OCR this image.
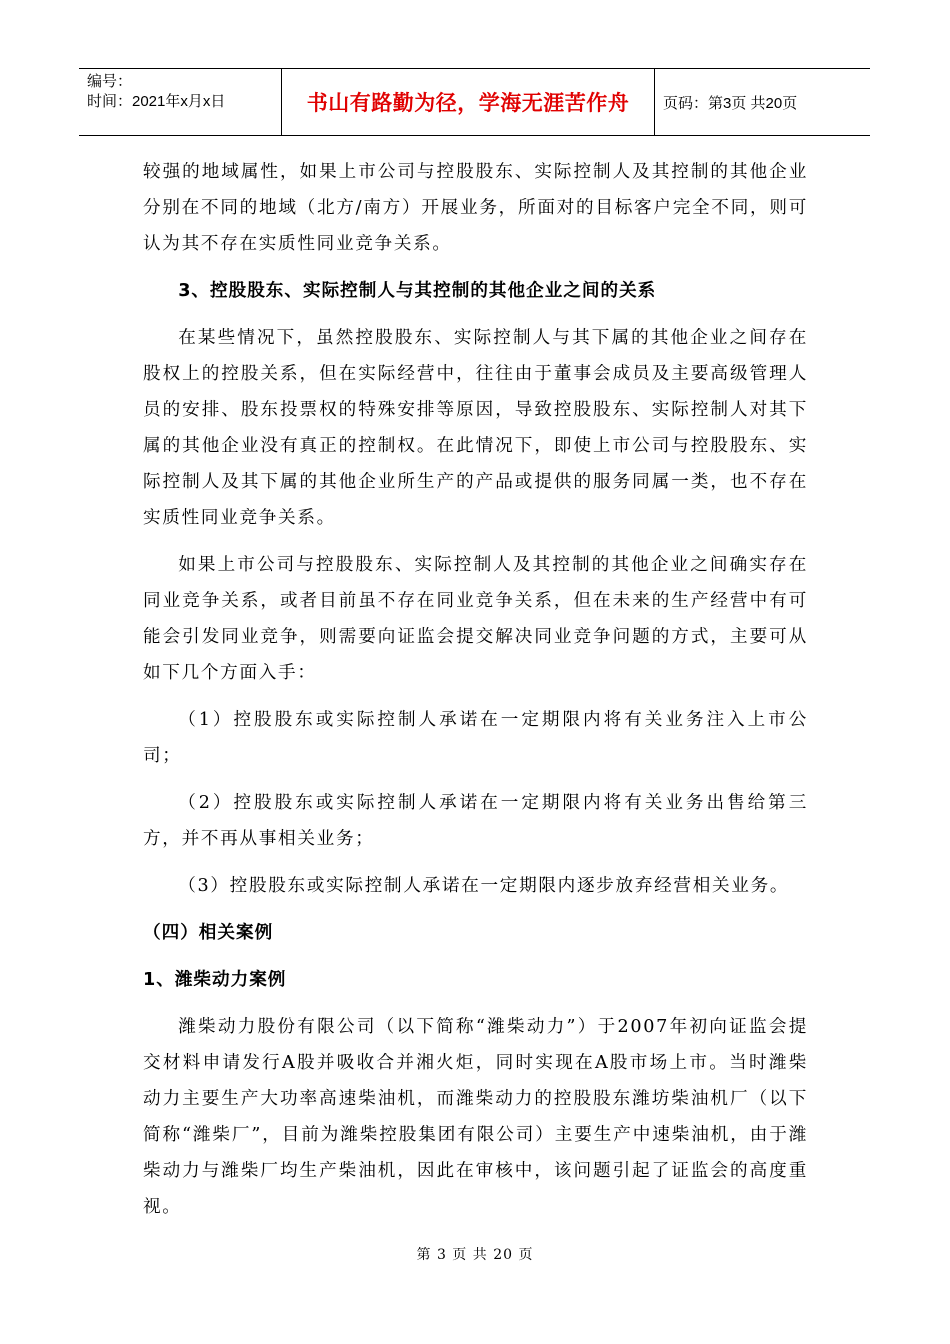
编号：
时间：2021年x月x日	书山有路勤为径，学海无涯苦作舟	页码：第3页 共20页

较强的地域属性，如果上市公司与控股股东、实际控制人及其控制的其他企业分别在不同的地域（北方/南方）开展业务，所面对的目标客户完全不同，则可认为其不存在实质性同业竞争关系。

3、控股股东、实际控制人与其控制的其他企业之间的关系

在某些情况下，虽然控股股东、实际控制人与其下属的其他企业之间存在股权上的控股关系，但在实际经营中，往往由于董事会成员及主要高级管理人员的安排、股东投票权的特殊安排等原因，导致控股股东、实际控制人对其下属的其他企业没有真正的控制权。在此情况下，即使上市公司与控股股东、实际控制人及其下属的其他企业所生产的产品或提供的服务同属一类，也不存在实质性同业竞争关系。

如果上市公司与控股股东、实际控制人及其控制的其他企业之间确实存在同业竞争关系，或者目前虽不存在同业竞争关系，但在未来的生产经营中有可能会引发同业竞争，则需要向证监会提交解决同业竞争问题的方式，主要可从如下几个方面入手：

（1）控股股东或实际控制人承诺在一定期限内将有关业务注入上市公司；

（2）控股股东或实际控制人承诺在一定期限内将有关业务出售给第三方，并不再从事相关业务；

（3）控股股东或实际控制人承诺在一定期限内逐步放弃经营相关业务。

（四）相关案例

1、潍柴动力案例

潍柴动力股份有限公司（以下简称“潍柴动力”）于2007年初向证监会提交材料申请发行A股并吸收合并湘火炬，同时实现在A股市场上市。当时潍柴动力主要生产大功率高速柴油机，而潍柴动力的控股股东潍坊柴油机厂（以下简称“潍柴厂”，目前为潍柴控股集团有限公司）主要生产中速柴油机，由于潍柴动力与潍柴厂均生产柴油机，因此在审核中，该问题引起了证监会的高度重视。

第 3 页 共 20 页
